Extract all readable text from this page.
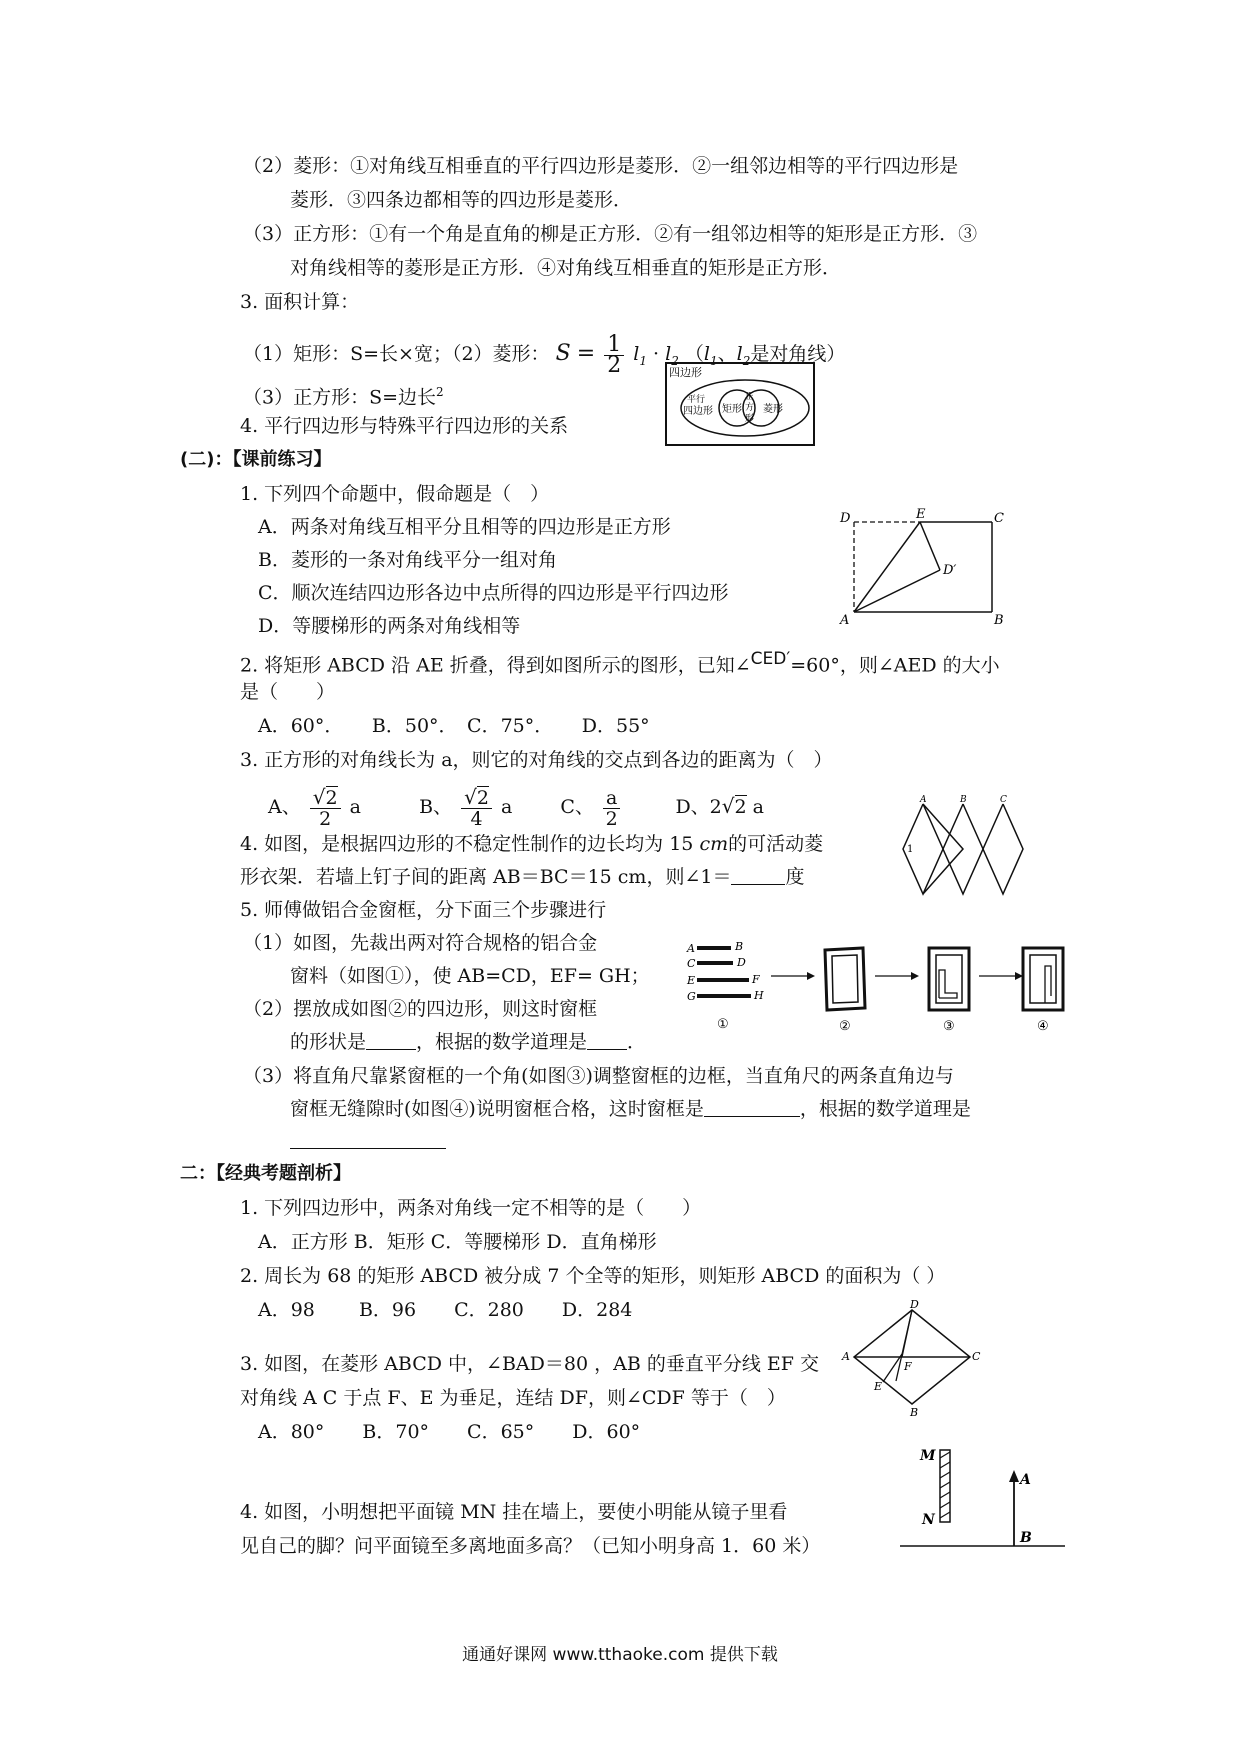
（2）菱形：①对角线互相垂直的平行四边形是菱形．②一组邻边相等的平行四边形是
菱形．③四条边都相等的四边形是菱形．
（3）正方形：①有一个角是直角的柳是正方形．②有一组邻边相等的矩形是正方形．③
对角线相等的菱形是正方形．④对角线互相垂直的矩形是正方形．
3. 面积计算：
（1）矩形：S=长×宽；（2）菱形： $S = \frac{1}{2} l_1 \cdot l_2$ （$l_1$、$l_2$是对角线）
（3）正方形：S=边长$^2$
4. 平行四边形与特殊平行四边形的关系
四边形
平行
四边形 矩形
正
方
形
菱形
(二)：【课前练习】
1. 下列四个命题中，假命题是（　）
A．两条对角线互相平分且相等的四边形是正方形
B．菱形的一条对角线平分一组对角
C．顺次连结四边形各边中点所得的四边形是平行四边形
D．等腰梯形的两条对角线相等
D	E	C
D′
A	B
2. 将矩形 ABCD 沿 AE 折叠，得到如图所示的图形，已知∠$^{CED'}$=60°，则∠AED 的大小
是（　　）
A．60°．　　B．50°．　C．75°．　　D．55°
3. 正方形的对角线长为 a，则它的对角线的交点到各边的距离为（　）
A、 $\frac{√2}{2}$ a	B、 $\frac{√2}{4}$ a	C、 $\frac{a}{2}$	D、2√2 a	A	B	C
1
4. 如图，是根据四边形的不稳定性制作的边长均为 15 cm的可活动菱
形衣架．若墙上钉子间的距离 AB＝BC＝15 cm，则∠1＝	度
5. 师傅做铝合金窗框，分下面三个步骤进行
（1）如图，先裁出两对符合规格的铝合金
窗料（如图①），使 AB=CD，EF= GH；
（2）摆放成如图②的四边形，则这时窗框
的形状是	，根据的数学道理是 ．
A	B
C	D
E	F
G	H
①	②	③	④
（3）将直角尺靠紧窗框的一个角(如图③)调整窗框的边框，当直角尺的两条直角边与
窗框无缝隙时(如图④)说明窗框合格，这时窗框是	，根据的数学道理是
二：【经典考题剖析】
1. 下列四边形中，两条对角线一定不相等的是（　　）
A．正方形 B．矩形 C．等腰梯形 D．直角梯形
2. 周长为 68 的矩形 ABCD 被分成 7 个全等的矩形，则矩形 ABCD 的面积为（ ）
A．98　　 B．96　　C．280　　D．284	D
A	C
F
E
B
3. 如图，在菱形 ABCD 中，∠BAD＝80 ，AB 的垂直平分线 EF 交
对角线 A C 于点 F、E 为垂足，连结 DF，则∠CDF 等于（　）
A．80°　　B．70°　　C．65°　　D．60°
M
N
A
B
4. 如图，小明想把平面镜 MN 挂在墙上，要使小明能从镜子里看
见自己的脚？问平面镜至多离地面多高？（已知小明身高 1．60 米）
通通好课网 www.tthaoke.com 提供下载
